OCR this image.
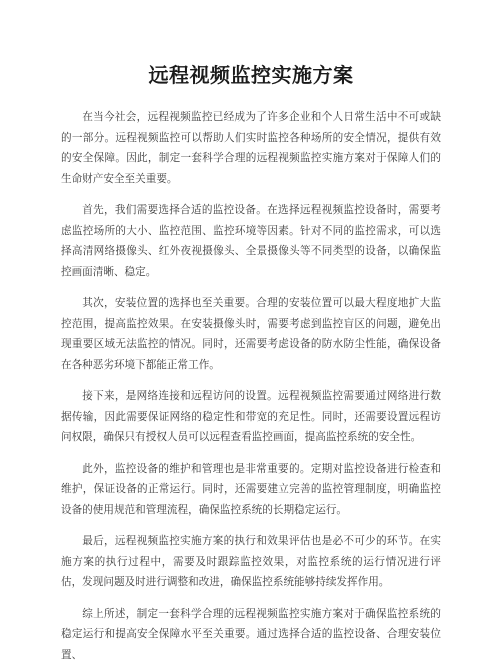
远程视频监控实施方案

在当今社会，远程视频监控已经成为了许多企业和个人日常生活中不可或缺的一部分。远程视频监控可以帮助人们实时监控各种场所的安全情况，提供有效的安全保障。因此，制定一套科学合理的远程视频监控实施方案对于保障人们的生命财产安全至关重要。

首先，我们需要选择合适的监控设备。在选择远程视频监控设备时，需要考虑监控场所的大小、监控范围、监控环境等因素。针对不同的监控需求，可以选择高清网络摄像头、红外夜视摄像头、全景摄像头等不同类型的设备，以确保监控画面清晰、稳定。

其次，安装位置的选择也至关重要。合理的安装位置可以最大程度地扩大监控范围，提高监控效果。在安装摄像头时，需要考虑到监控盲区的问题，避免出现重要区域无法监控的情况。同时，还需要考虑设备的防水防尘性能，确保设备在各种恶劣环境下都能正常工作。

接下来，是网络连接和远程访问的设置。远程视频监控需要通过网络进行数据传输，因此需要保证网络的稳定性和带宽的充足性。同时，还需要设置远程访问权限，确保只有授权人员可以远程查看监控画面，提高监控系统的安全性。

此外，监控设备的维护和管理也是非常重要的。定期对监控设备进行检查和维护，保证设备的正常运行。同时，还需要建立完善的监控管理制度，明确监控设备的使用规范和管理流程，确保监控系统的长期稳定运行。

最后，远程视频监控实施方案的执行和效果评估也是必不可少的环节。在实施方案的执行过程中，需要及时跟踪监控效果，对监控系统的运行情况进行评估，发现问题及时进行调整和改进，确保监控系统能够持续发挥作用。

综上所述，制定一套科学合理的远程视频监控实施方案对于确保监控系统的稳定运行和提高安全保障水平至关重要。通过选择合适的监控设备、合理安装位置、
